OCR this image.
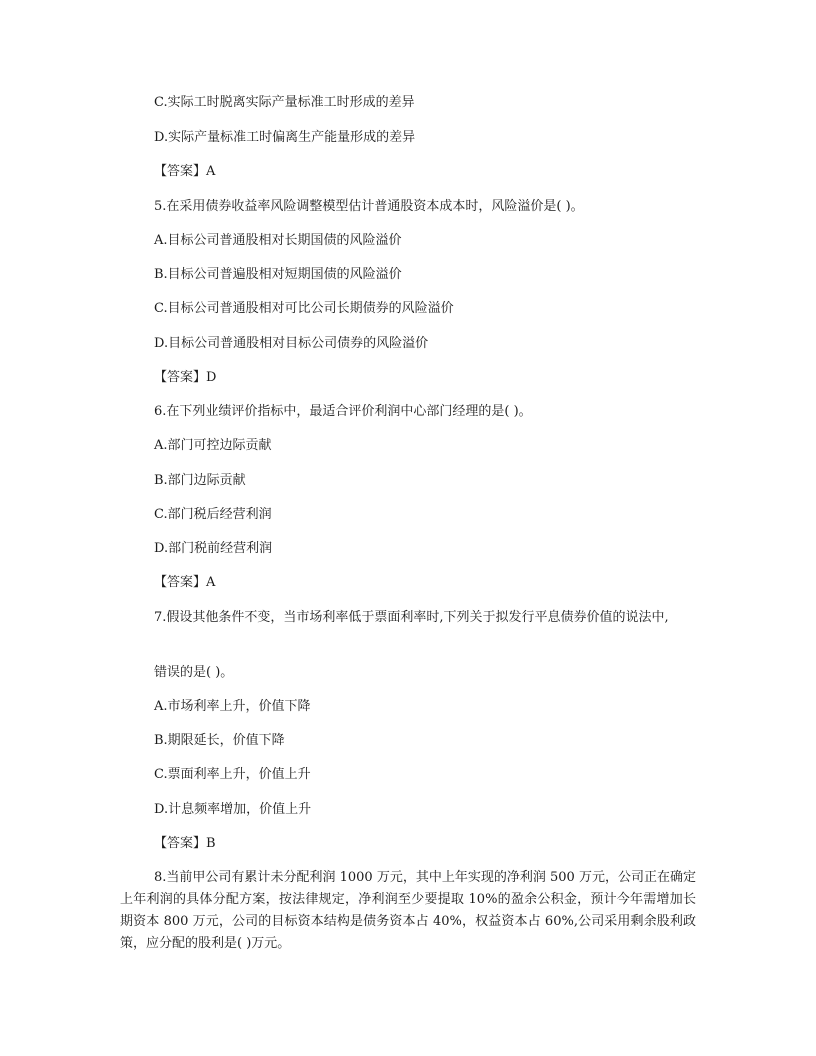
C.实际工时脱离实际产量标准工时形成的差异
D.实际产量标准工时偏离生产能量形成的差异
【答案】A
5.在采用债券收益率风险调整模型估计普通股资本成本时，风险溢价是( )。
A.目标公司普通股相对长期国债的风险溢价
B.目标公司普遍股相对短期国债的风险溢价
C.目标公司普通股相对可比公司长期债券的风险溢价
D.目标公司普通股相对目标公司债券的风险溢价
【答案】D
6.在下列业绩评价指标中，最适合评价利润中心部门经理的是( )。
A.部门可控边际贡献
B.部门边际贡献
C.部门税后经营利润
D.部门税前经营利润
【答案】A
7.假设其他条件不变，当市场利率低于票面利率时,下列关于拟发行平息债券价值的说法中,
错误的是( )。
A.市场利率上升，价值下降
B.期限延长，价值下降
C.票面利率上升，价值上升
D.计息频率增加，价值上升
【答案】B
8.当前甲公司有累计未分配利润 1000 万元，其中上年实现的净利润 500 万元，公司正在确定上年利润的具体分配方案，按法律规定，净利润至少要提取 10%的盈余公积金，预计今年需增加长期资本 800 万元，公司的目标资本结构是债务资本占 40%，权益资本占 60%,公司采用剩余股利政策，应分配的股利是( )万元。
